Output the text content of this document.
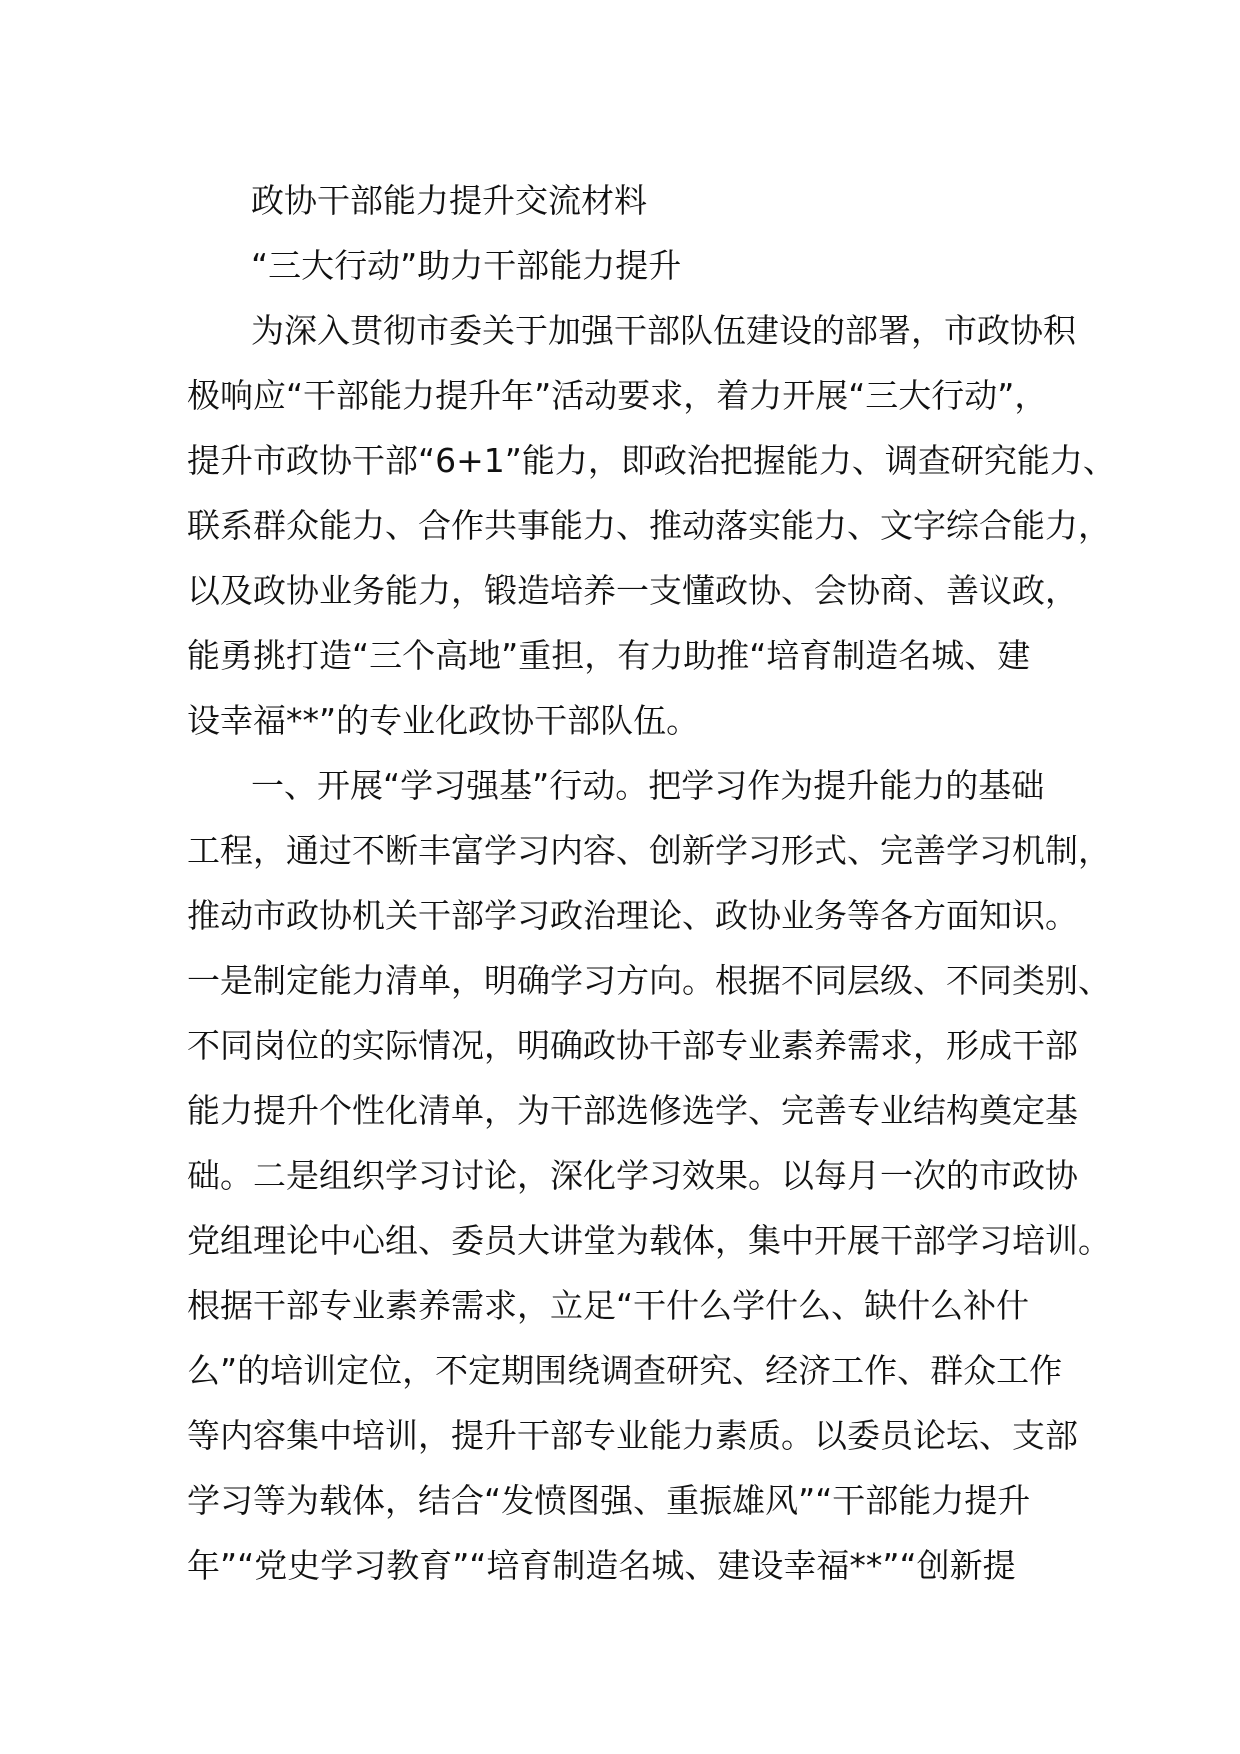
政协干部能力提升交流材料
“三大行动”助力干部能力提升
为深入贯彻市委关于加强干部队伍建设的部署，市政协积
极响应“干部能力提升年”活动要求，着力开展“三大行动”，
提升市政协干部“6+1”能力，即政治把握能力、调查研究能力、
联系群众能力、合作共事能力、推动落实能力、文字综合能力，
以及政协业务能力，锻造培养一支懂政协、会协商、善议政，
能勇挑打造“三个高地”重担，有力助推“培育制造名城、建
设幸福**”的专业化政协干部队伍。
一、开展“学习强基”行动。把学习作为提升能力的基础
工程，通过不断丰富学习内容、创新学习形式、完善学习机制，
推动市政协机关干部学习政治理论、政协业务等各方面知识。
一是制定能力清单，明确学习方向。根据不同层级、不同类别、
不同岗位的实际情况，明确政协干部专业素养需求，形成干部
能力提升个性化清单，为干部选修选学、完善专业结构奠定基
础。二是组织学习讨论，深化学习效果。以每月一次的市政协
党组理论中心组、委员大讲堂为载体，集中开展干部学习培训。
根据干部专业素养需求，立足“干什么学什么、缺什么补什
么”的培训定位，不定期围绕调查研究、经济工作、群众工作
等内容集中培训，提升干部专业能力素质。以委员论坛、支部
学习等为载体，结合“发愤图强、重振雄风”“干部能力提升
年”“党史学习教育”“培育制造名城、建设幸福**”“创新提
